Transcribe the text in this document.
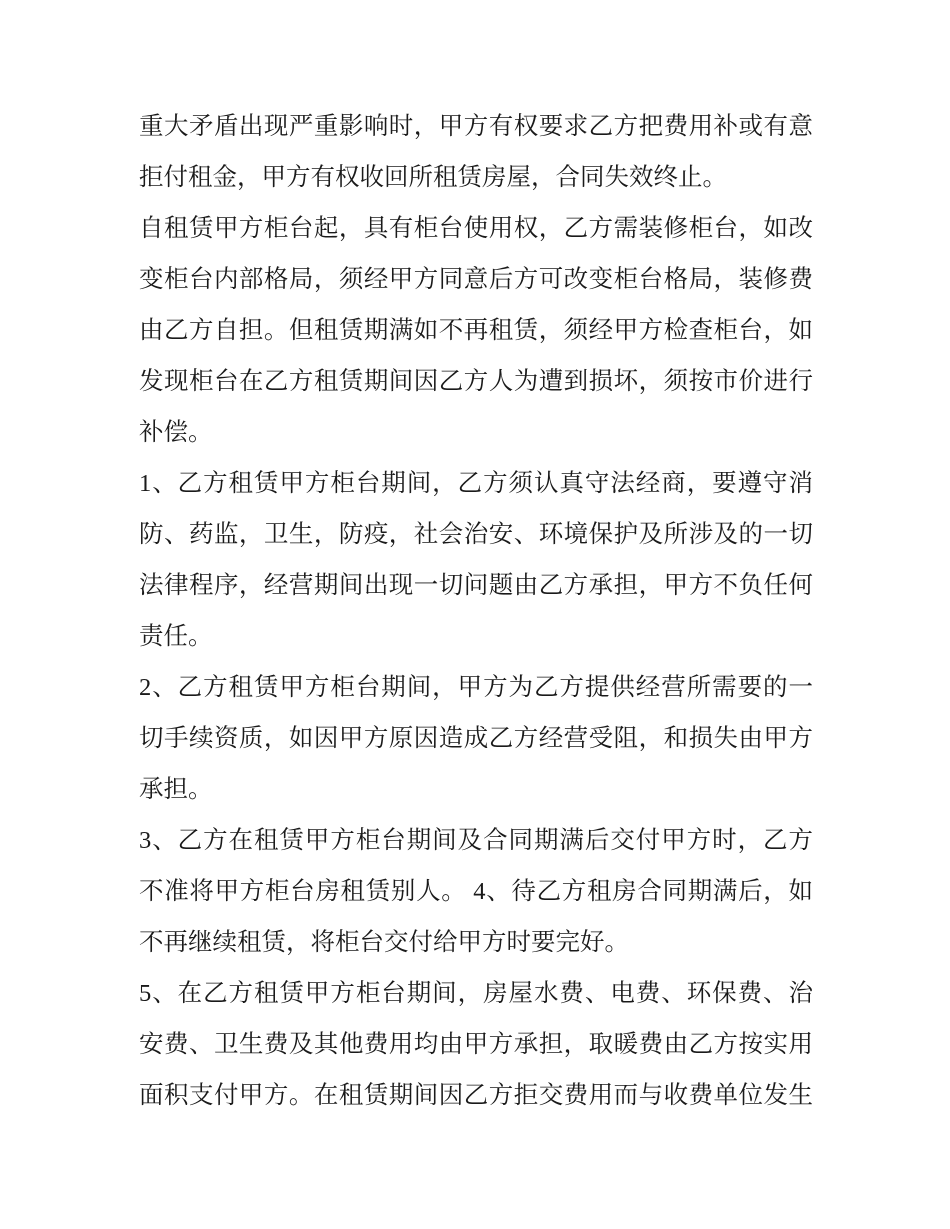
重大矛盾出现严重影响时，甲方有权要求乙方把费用补或有意
拒付租金，甲方有权收回所租赁房屋，合同失效终止。
自租赁甲方柜台起，具有柜台使用权，乙方需装修柜台，如改
变柜台内部格局，须经甲方同意后方可改变柜台格局，装修费
由乙方自担。但租赁期满如不再租赁，须经甲方检查柜台，如
发现柜台在乙方租赁期间因乙方人为遭到损坏，须按市价进行
补偿。
1、乙方租赁甲方柜台期间，乙方须认真守法经商，要遵守消
防、药监，卫生，防疫，社会治安、环境保护及所涉及的一切
法律程序，经营期间出现一切问题由乙方承担，甲方不负任何
责任。
2、乙方租赁甲方柜台期间，甲方为乙方提供经营所需要的一
切手续资质，如因甲方原因造成乙方经营受阻，和损失由甲方
承担。
3、乙方在租赁甲方柜台期间及合同期满后交付甲方时，乙方
不准将甲方柜台房租赁别人。 4、待乙方租房合同期满后，如
不再继续租赁，将柜台交付给甲方时要完好。
5、在乙方租赁甲方柜台期间，房屋水费、电费、环保费、治
安费、卫生费及其他费用均由甲方承担，取暖费由乙方按实用
面积支付甲方。在租赁期间因乙方拒交费用而与收费单位发生
